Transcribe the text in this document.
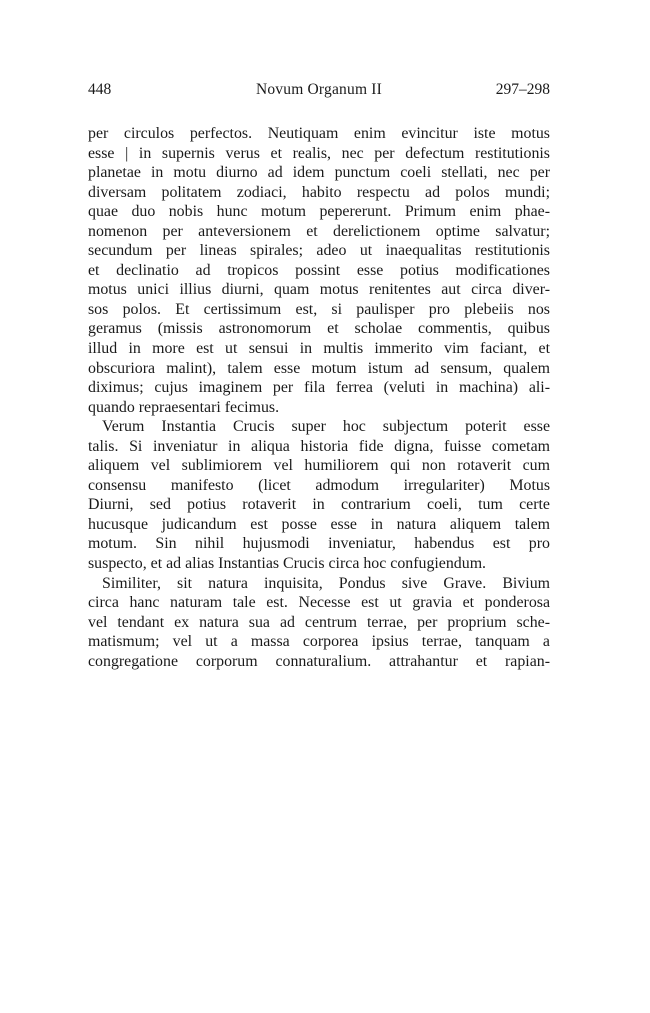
448	Novum Organum II	297–298
per circulos perfectos. Neutiquam enim evincitur iste motus
esse | in supernis verus et realis, nec per defectum restitutionis
planetae in motu diurno ad idem punctum coeli stellati, nec per
diversam politatem zodiaci, habito respectu ad polos mundi;
quae duo nobis hunc motum pepererunt. Primum enim phae-
nomenon per anteversionem et derelictionem optime salvatur;
secundum per lineas spirales; adeo ut inaequalitas restitutionis
et declinatio ad tropicos possint esse potius modificationes
motus unici illius diurni, quam motus renitentes aut circa diver-
sos polos. Et certissimum est, si paulisper pro plebeiis nos
geramus (missis astronomorum et scholae commentis, quibus
illud in more est ut sensui in multis immerito vim faciant, et
obscuriora malint), talem esse motum istum ad sensum, qualem
diximus; cujus imaginem per fila ferrea (veluti in machina) ali-
quando repraesentari fecimus.
Verum Instantia Crucis super hoc subjectum poterit esse
talis. Si inveniatur in aliqua historia fide digna, fuisse cometam
aliquem vel sublimiorem vel humiliorem qui non rotaverit cum
consensu manifesto (licet admodum irregulariter) Motus
Diurni, sed potius rotaverit in contrarium coeli, tum certe
hucusque judicandum est posse esse in natura aliquem talem
motum. Sin nihil hujusmodi inveniatur, habendus est pro
suspecto, et ad alias Instantias Crucis circa hoc confugiendum.
Similiter, sit natura inquisita, Pondus sive Grave. Bivium
circa hanc naturam tale est. Necesse est ut gravia et ponderosa
vel tendant ex natura sua ad centrum terrae, per proprium sche-
matismum; vel ut a massa corporea ipsius terrae, tanquam a
congregatione corporum connaturalium. attrahantur et rapian-
